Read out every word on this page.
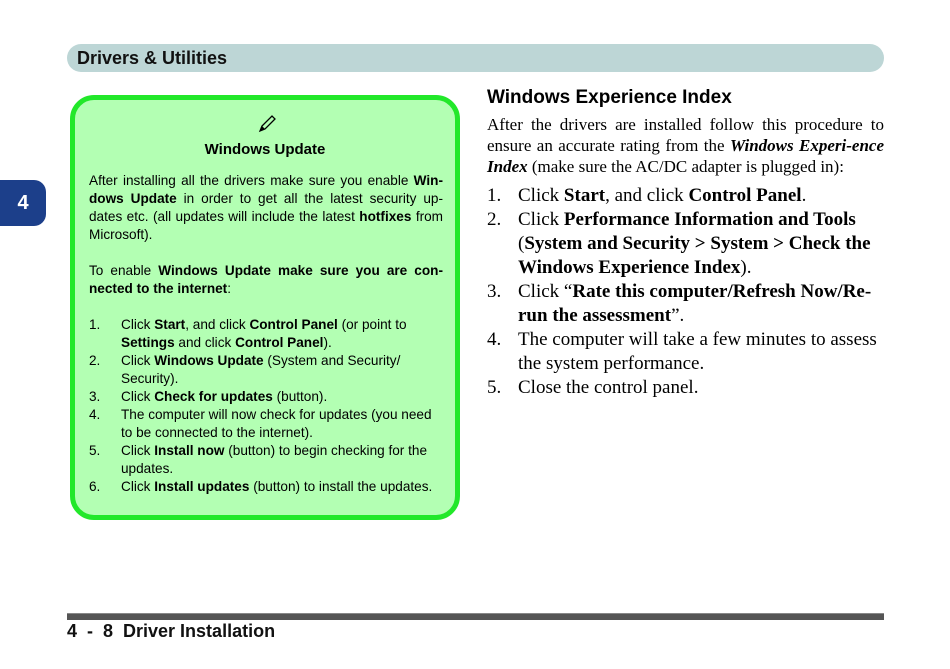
Drivers & Utilities
4
Windows Update

After installing all the drivers make sure you enable Win-dows Update in order to get all the latest security up-dates etc. (all updates will include the latest hotfixes from Microsoft).

To enable Windows Update make sure you are con-nected to the internet:

1. Click Start, and click Control Panel (or point to Settings and click Control Panel).
2. Click Windows Update (System and Security/ Security).
3. Click Check for updates (button).
4. The computer will now check for updates (you need to be connected to the internet).
5. Click Install now (button) to begin checking for the updates.
6. Click Install updates (button) to install the updates.
Windows Experience Index

After the drivers are installed follow this procedure to ensure an accurate rating from the Windows Experi-ence Index (make sure the AC/DC adapter is plugged in):

1. Click Start, and click Control Panel.
2. Click Performance Information and Tools (System and Security > System > Check the Windows Experience Index).
3. Click “Rate this computer/Refresh Now/Re-run the assessment”.
4. The computer will take a few minutes to assess the system performance.
5. Close the control panel.
4  -  8  Driver Installation
